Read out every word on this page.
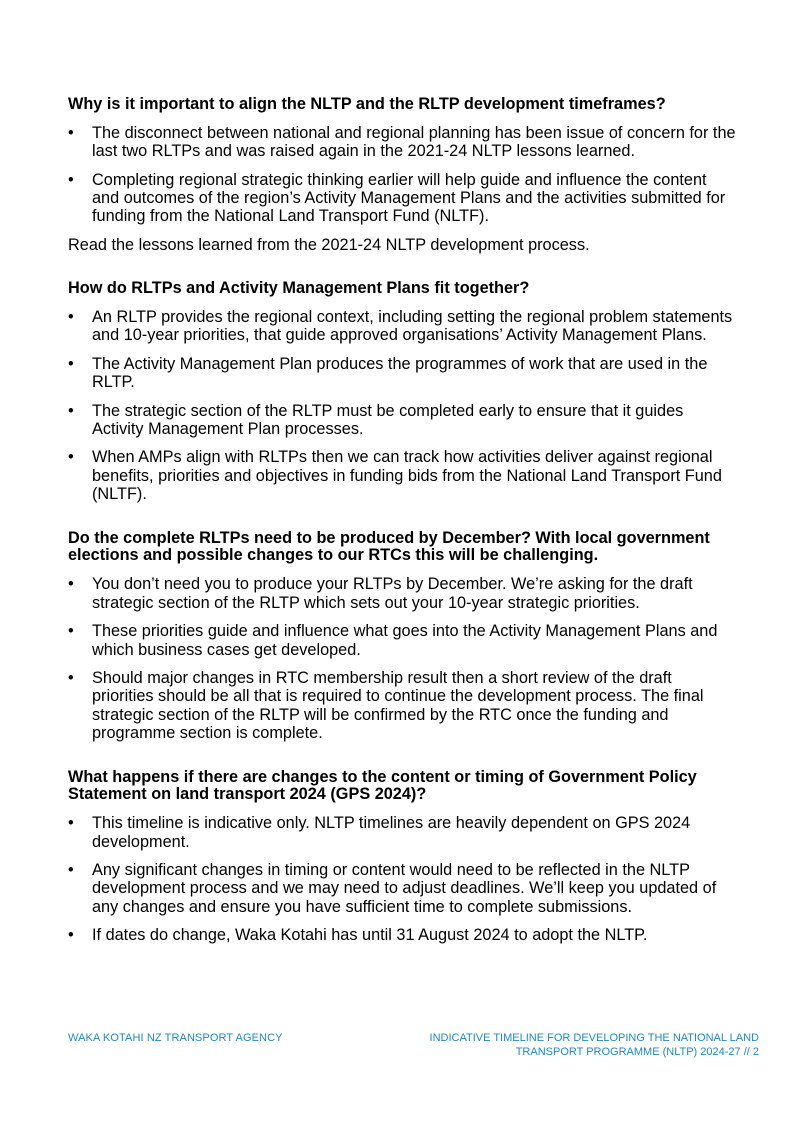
Why is it important to align the NLTP and the RLTP development timeframes?
• The disconnect between national and regional planning has been issue of concern for the last two RLTPs and was raised again in the 2021-24 NLTP lessons learned.
• Completing regional strategic thinking earlier will help guide and influence the content and outcomes of the region’s Activity Management Plans and the activities submitted for funding from the National Land Transport Fund (NLTF).

Read the lessons learned from the 2021-24 NLTP development process.

How do RLTPs and Activity Management Plans fit together?
• An RLTP provides the regional context, including setting the regional problem statements and 10-year priorities, that guide approved organisations’ Activity Management Plans.
• The Activity Management Plan produces the programmes of work that are used in the RLTP.
• The strategic section of the RLTP must be completed early to ensure that it guides Activity Management Plan processes.
• When AMPs align with RLTPs then we can track how activities deliver against regional benefits, priorities and objectives in funding bids from the National Land Transport Fund (NLTF).
Do the complete RLTPs need to be produced by December? With local government elections and possible changes to our RTCs this will be challenging.
• You don’t need you to produce your RLTPs by December. We’re asking for the draft strategic section of the RLTP which sets out your 10-year strategic priorities.
• These priorities guide and influence what goes into the Activity Management Plans and which business cases get developed.
• Should major changes in RTC membership result then a short review of the draft priorities should be all that is required to continue the development process. The final strategic section of the RLTP will be confirmed by the RTC once the funding and programme section is complete.
What happens if there are changes to the content or timing of Government Policy Statement on land transport 2024 (GPS 2024)?
• This timeline is indicative only. NLTP timelines are heavily dependent on GPS 2024 development.
• Any significant changes in timing or content would need to be reflected in the NLTP development process and we may need to adjust deadlines. We’ll keep you updated of any changes and ensure you have sufficient time to complete submissions.
• If dates do change, Waka Kotahi has until 31 August 2024 to adopt the NLTP.
WAKA KOTAHI NZ TRANSPORT AGENCY	INDICATIVE TIMELINE FOR DEVELOPING THE NATIONAL LAND
TRANSPORT PROGRAMME (NLTP) 2024-27 // 2
